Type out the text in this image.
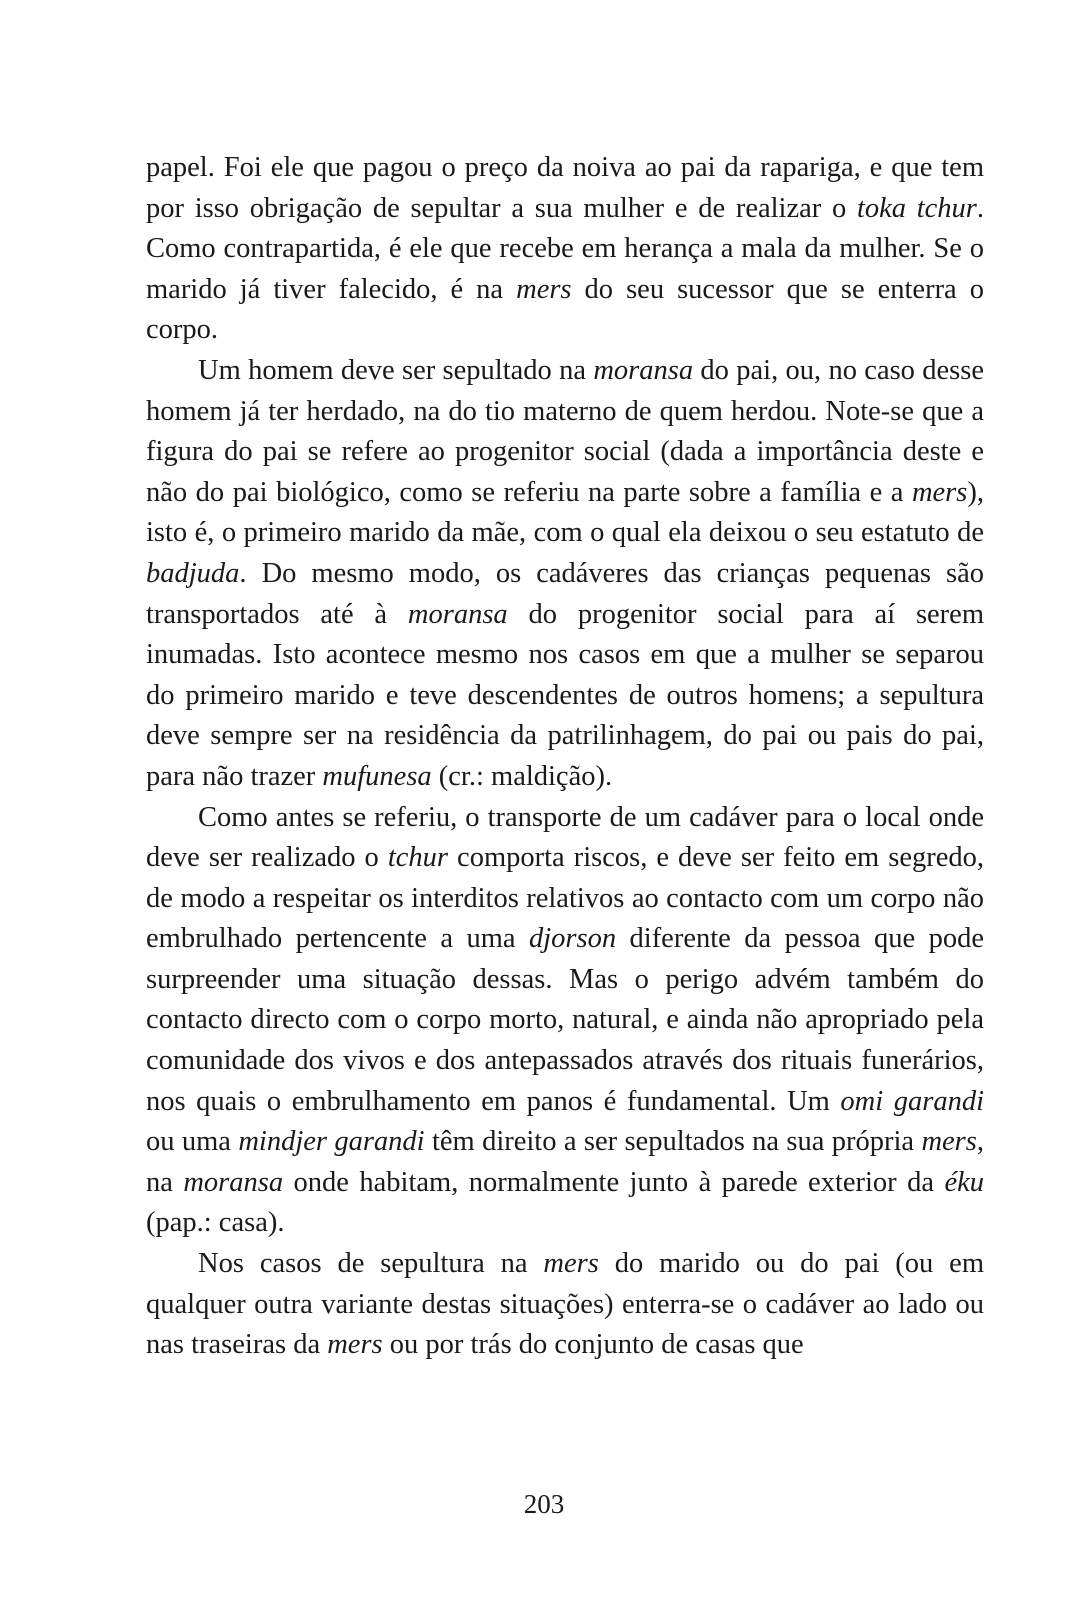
papel. Foi ele que pagou o preço da noiva ao pai da rapariga, e que tem por isso obrigação de sepultar a sua mulher e de realizar o toka tchur. Como contrapartida, é ele que recebe em herança a mala da mulher. Se o marido já tiver falecido, é na mers do seu sucessor que se enterra o corpo.

Um homem deve ser sepultado na moransa do pai, ou, no caso desse homem já ter herdado, na do tio materno de quem herdou. Note-se que a figura do pai se refere ao progenitor social (dada a importância deste e não do pai biológico, como se referiu na parte sobre a família e a mers), isto é, o primeiro marido da mãe, com o qual ela deixou o seu estatuto de badjuda. Do mesmo modo, os cadáveres das crianças pequenas são transportados até à moransa do progenitor social para aí serem inumadas. Isto acontece mesmo nos casos em que a mulher se separou do primeiro marido e teve descendentes de outros homens; a sepultura deve sempre ser na residência da patrilinhagem, do pai ou pais do pai, para não trazer mufunesa (cr.: maldição).

Como antes se referiu, o transporte de um cadáver para o local onde deve ser realizado o tchur comporta riscos, e deve ser feito em segredo, de modo a respeitar os interditos relativos ao contacto com um corpo não embrulhado pertencente a uma djorson diferente da pessoa que pode surpreender uma situação dessas. Mas o perigo advém também do contacto directo com o corpo morto, natural, e ainda não apropriado pela comunidade dos vivos e dos antepassados através dos rituais funerários, nos quais o embrulhamento em panos é fundamental. Um omi garandi ou uma mindjer garandi têm direito a ser sepultados na sua própria mers, na moransa onde habitam, normalmente junto à parede exterior da éku (pap.: casa).

Nos casos de sepultura na mers do marido ou do pai (ou em qualquer outra variante destas situações) enterra-se o cadáver ao lado ou nas traseiras da mers ou por trás do conjunto de casas que

203
